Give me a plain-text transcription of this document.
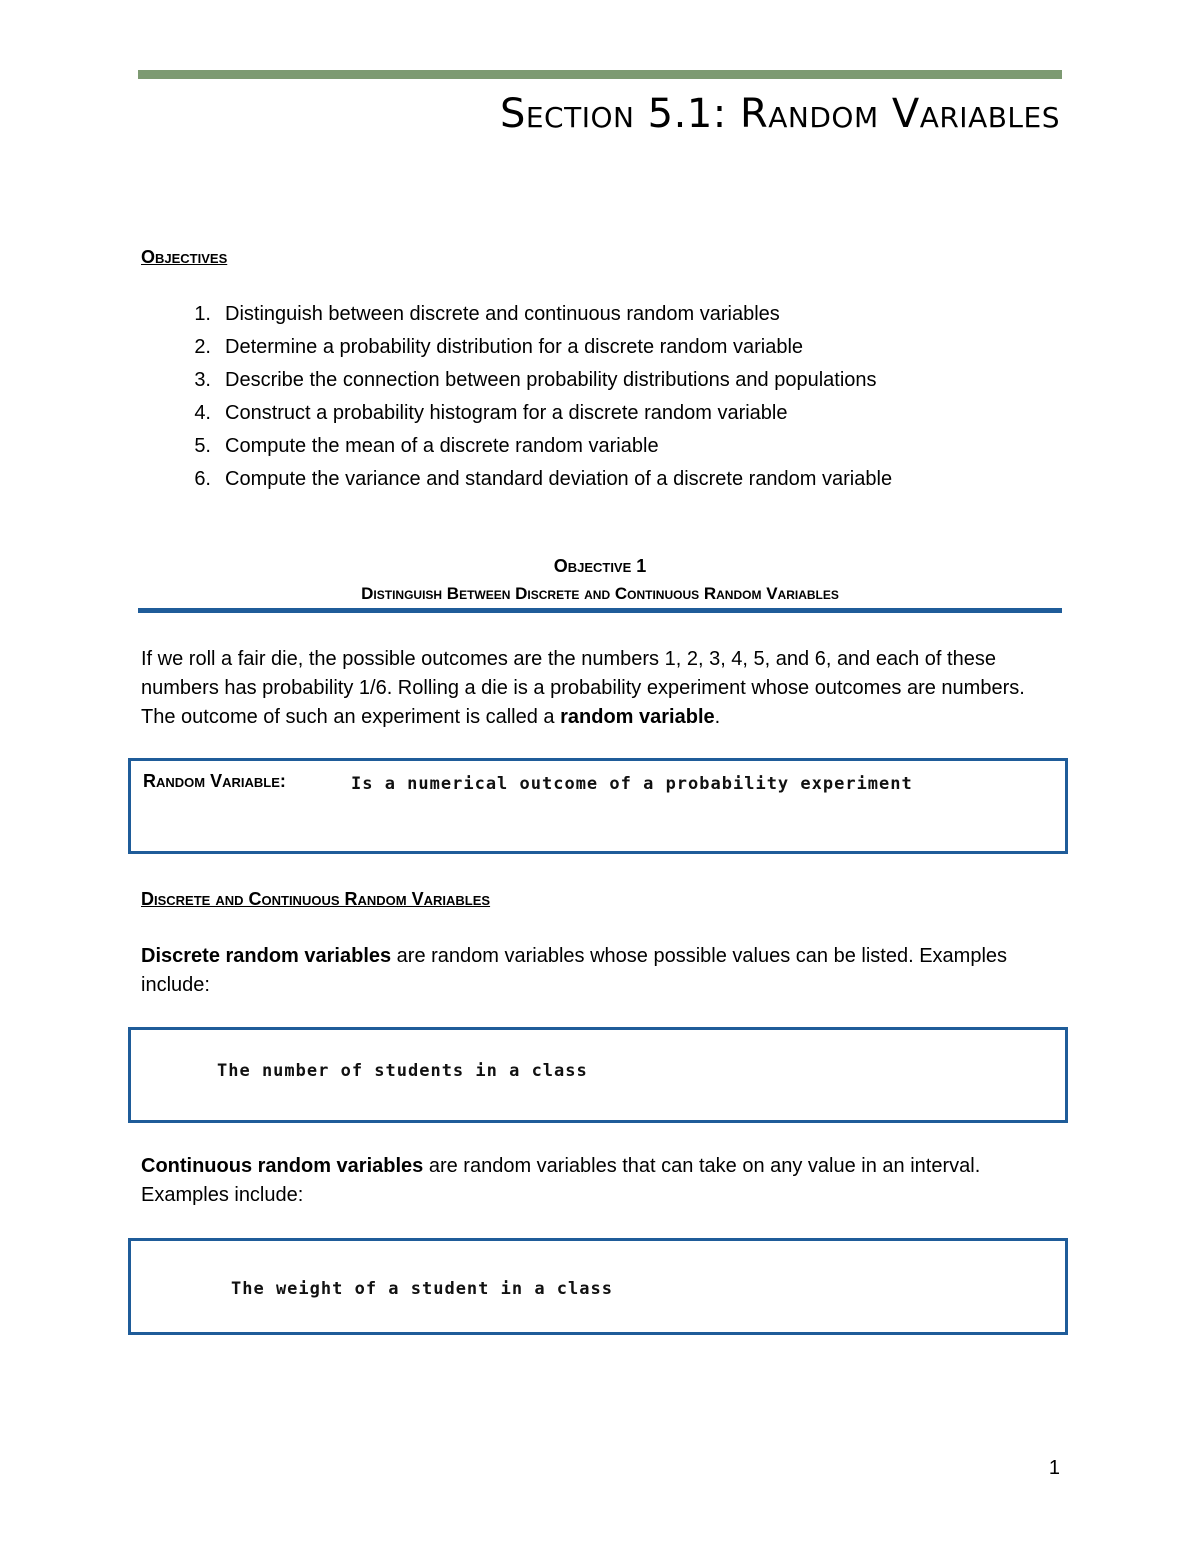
Section 5.1: Random Variables
Objectives
1. Distinguish between discrete and continuous random variables
2. Determine a probability distribution for a discrete random variable
3. Describe the connection between probability distributions and populations
4. Construct a probability histogram for a discrete random variable
5. Compute the mean of a discrete random variable
6. Compute the variance and standard deviation of a discrete random variable
Objective 1
Distinguish Between Discrete and Continuous Random Variables

If we roll a fair die, the possible outcomes are the numbers 1, 2, 3, 4, 5, and 6, and each of these numbers has probability 1/6. Rolling a die is a probability experiment whose outcomes are numbers. The outcome of such an experiment is called a random variable.

Random Variable:	Is a numerical outcome of a probability experiment
Discrete and Continuous Random Variables

Discrete random variables are random variables whose possible values can be listed. Examples include:

The number of students in a class

Continuous random variables are random variables that can take on any value in an interval. Examples include:

The weight of a student in a class
1
